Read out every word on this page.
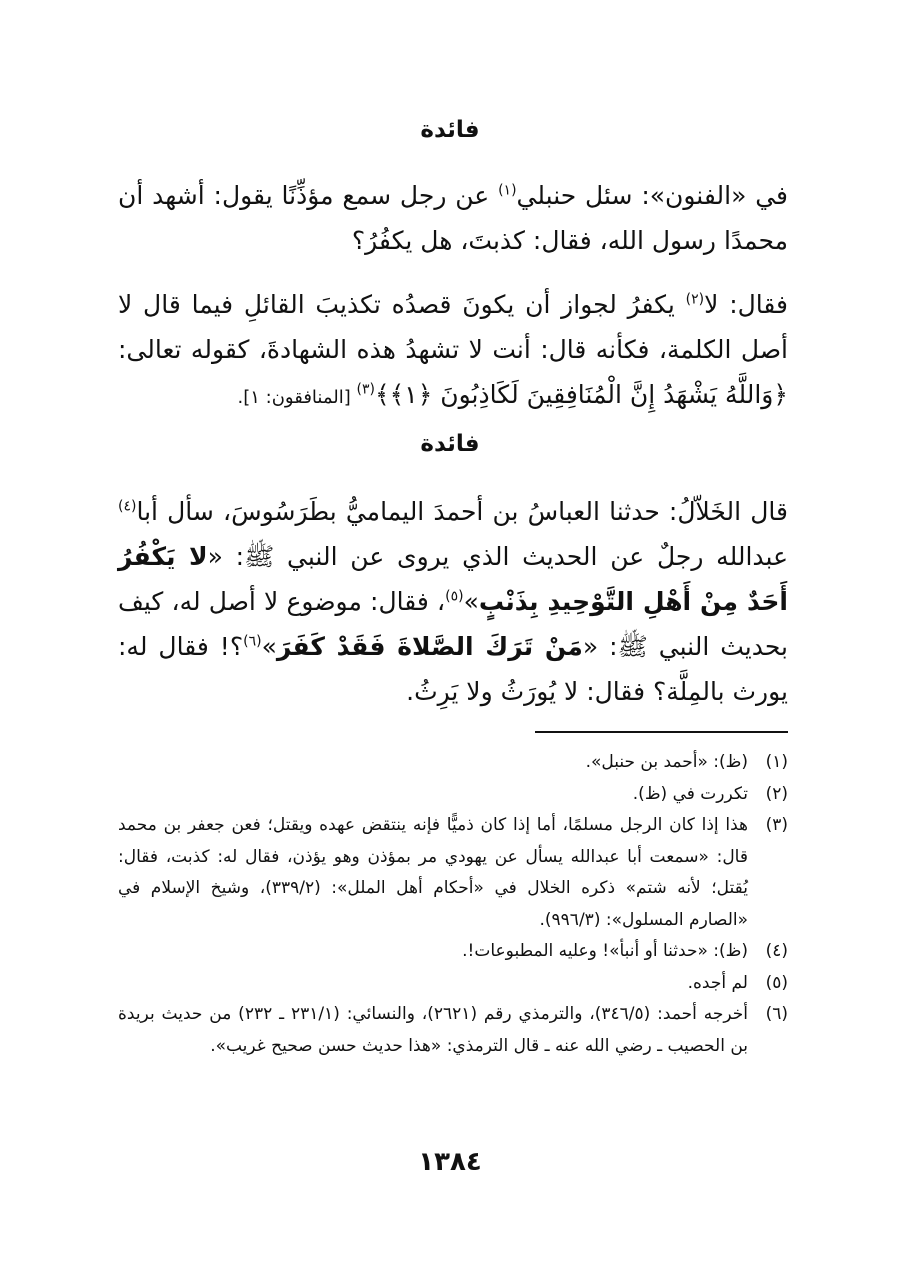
فائدة
في «الفنون»: سئل حنبلي$^{(١)}$ عن رجل سمع مؤذِّنًا يقول: أشهد أن محمدًا رسول الله، فقال: كذبتَ، هل يكفُرُ؟
فقال: لا$^{(٢)}$ يكفرُ لجواز أن يكونَ قصدُه تكذيبَ القائلِ فيما قال لا أصل الكلمة، فكأنه قال: أنت لا تشهدُ هذه الشهادةَ، كقوله تعالى: ﴿وَاللَّهُ يَشْهَدُ إِنَّ الْمُنَافِقِينَ لَكَاذِبُونَ ﴿١﴾﴾$^{(٣)}$ [المنافقون: ١].
فائدة
قال الخَلاّلُ: حدثنا العباسُ بن أحمدَ اليماميُّ بطَرَسُوسَ، سأل أبا$^{(٤)}$ عبدالله رجلٌ عن الحديث الذي يروى عن النبي ﷺ: «لا يَكْفُرُ أَحَدٌ مِنْ أَهْلِ التَّوْحِيدِ بِذَنْبٍ»$^{(٥)}$، فقال: موضوع لا أصل له، كيف بحديث النبي ﷺ: «مَنْ تَرَكَ الصَّلاةَ فَقَدْ كَفَرَ»$^{(٦)}$؟! فقال له: يورث بالمِلَّة؟ فقال: لا يُورَثُ ولا يَرِثُ.
(١)
(ظ): «أحمد بن حنبل».
(٢)
تكررت في (ظ).
(٣)
هذا إذا كان الرجل مسلمًا، أما إذا كان ذميًّا فإنه ينتقض عهده ويقتل؛ فعن جعفر بن محمد قال: «سمعت أبا عبدالله يسأل عن يهودي مر بمؤذن وهو يؤذن، فقال له: كذبت، فقال: يُقتل؛ لأنه شتم» ذكره الخلال في «أحكام أهل الملل»: (٣٣٩/٢)، وشيخ الإسلام في «الصارم المسلول»: (٩٩٦/٣).
(٤)
(ظ): «حدثنا أو أنبأ»! وعليه المطبوعات!.
(٥)
لم أجده.
(٦)
أخرجه أحمد: (٣٤٦/٥)، والترمذي رقم (٢٦٢١)، والنسائي: (٢٣١/١ ـ ٢٣٢) من حديث بريدة بن الحصيب ـ رضي الله عنه ـ قال الترمذي: «هذا حديث حسن صحيح غريب».
١٣٨٤
